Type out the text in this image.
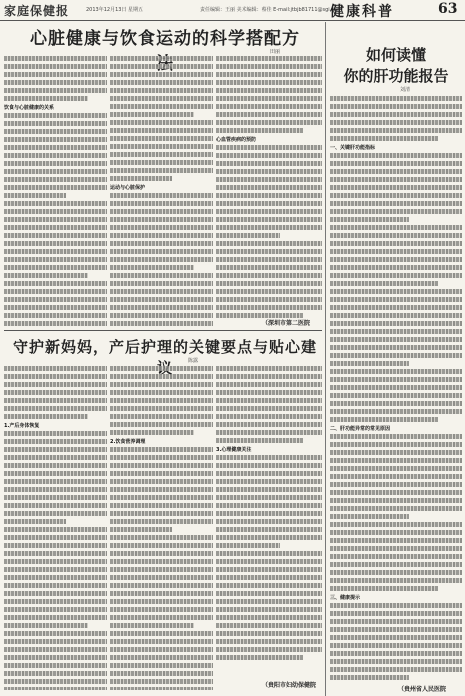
家庭保健报	2013年12月13日 星期五	责任编辑：王丽 美术编辑：蔡佳 E-mail:jtbjb81711@sgi.com
健康科普	63
心脏健康与饮食运动的科学搭配方
田丽
饮食与心脏健康的关系
运动与心脏保护
心血管疾病的预防
（深圳市第二医院
守护新妈妈，产后护理的关键要点与贴心建
陈露
1.产后身体恢复
2.饮食营养调理
3.心理健康关注
（贵阳市妇幼保健院
如何读懂
你的肝功能报告
刘清
一、关键肝功能指标
二、肝功能异常的常见原因
三、健康提示
（贵州省人民医院
